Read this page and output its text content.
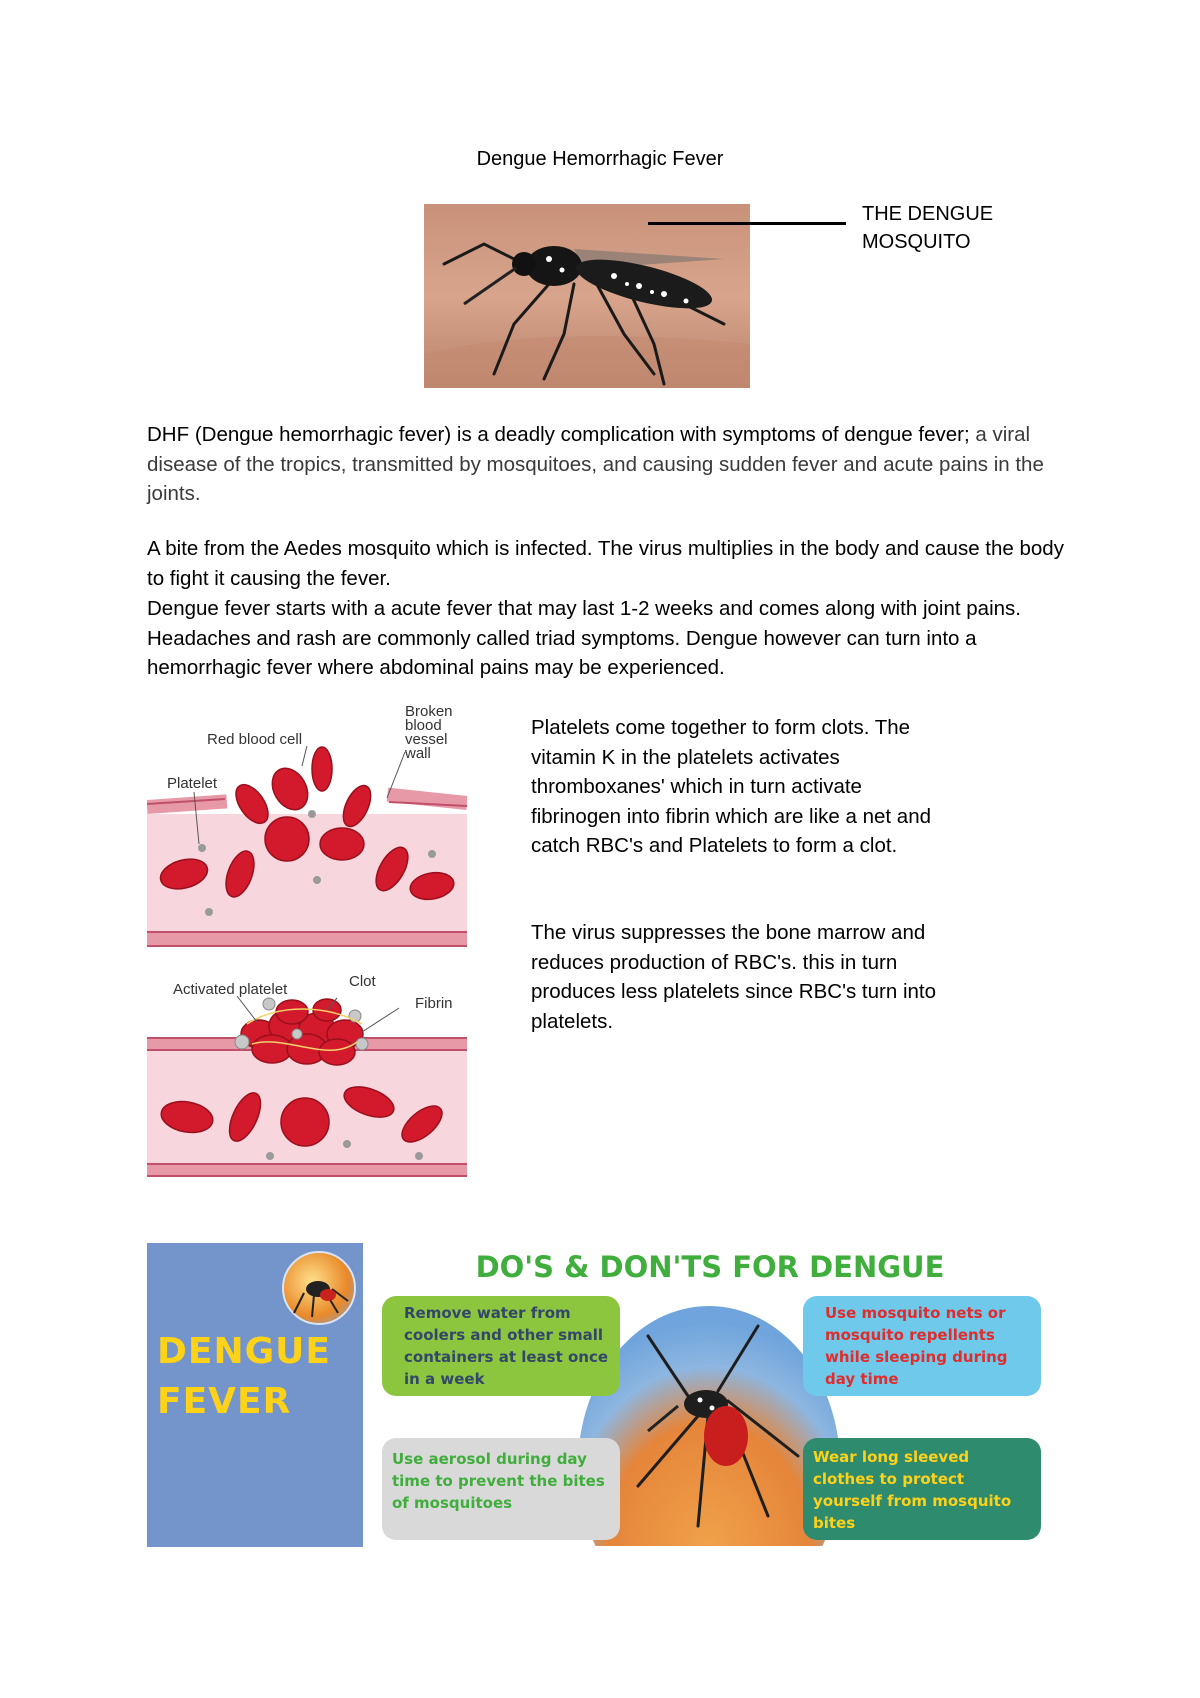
Dengue Hemorrhagic Fever
THE DENGUE
MOSQUITO
DHF (Dengue hemorrhagic fever) is a deadly complication with symptoms of dengue fever; a viral disease of the tropics, transmitted by mosquitoes, and causing sudden fever and acute pains in the joints.
A bite from the Aedes mosquito which is infected. The virus multiplies in the body and cause the body to fight it causing the fever.
Dengue fever starts with a acute fever that may last 1-2 weeks and comes along with joint pains. Headaches and rash are commonly called triad symptoms. Dengue however can turn into a hemorrhagic fever where abdominal pains may be experienced.
Platelet
Red blood cell
Broken
blood
vessel
wall
Activated platelet	Clot
Fibrin
Platelets come together to form clots. The vitamin K in the platelets activates thromboxanes' which in turn activate fibrinogen into fibrin which are like a net and catch RBC's and Platelets to form a clot.
The virus suppresses the bone marrow and reduces production of RBC's. this in turn produces less platelets since RBC's turn into platelets.
DENGUE
FEVER
DO'S & DON'TS FOR DENGUE
Remove water from coolers and other small containers at least once in a week
Use mosquito nets or mosquito repellents while sleeping during day time
Use aerosol during day time to prevent the bites of mosquitoes
Wear long sleeved clothes to protect yourself from mosquito bites
